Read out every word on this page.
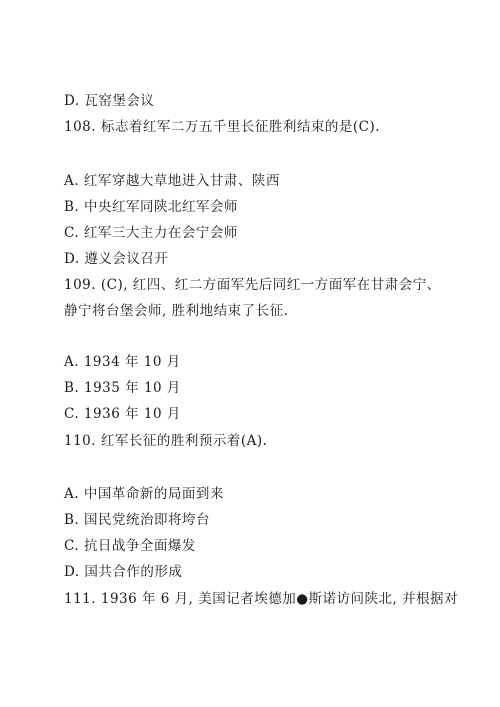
D. 瓦窑堡会议
108. 标志着红军二万五千里长征胜利结束的是(C).
A. 红军穿越大草地进入甘肃、陕西
B. 中央红军同陕北红军会师
C. 红军三大主力在会宁会师
D. 遵义会议召开
109. (C), 红四、红二方面军先后同红一方面军在甘肃会宁、静宁将台堡会师, 胜利地结束了长征.
A. 1934 年 10 月
B. 1935 年 10 月
C. 1936 年 10 月
110. 红军长征的胜利预示着(A).
A. 中国革命新的局面到来
B. 国民党统治即将垮台
C. 抗日战争全面爆发
D. 国共合作的形成
111. 1936 年 6 月, 美国记者埃德加●斯诺访问陕北, 并根据对
